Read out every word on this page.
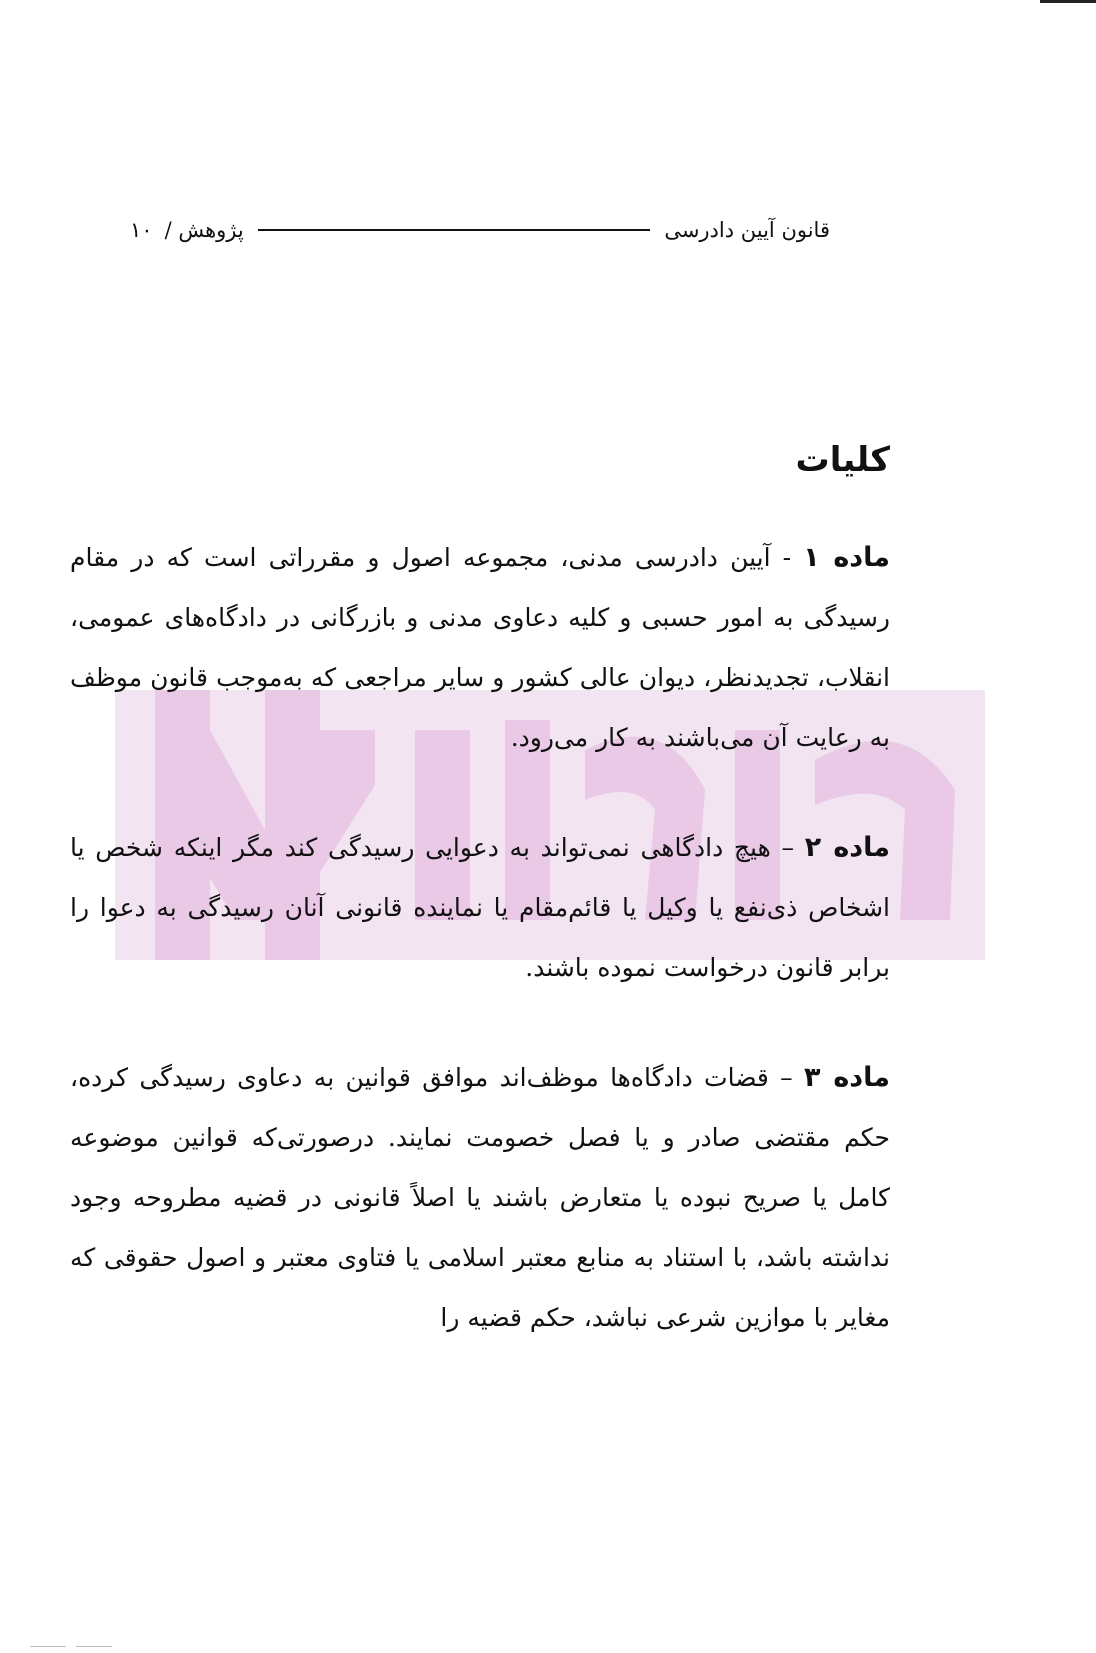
قانون آیین دادرسی
پژوهش /
۱۰
کلیات

ماده ۱ - آیین دادرسی مدنی، مجموعه اصول و مقرراتی است که در مقام رسیدگی به امور حسبی و کلیه دعاوی مدنی و بازرگانی در دادگاه‌های عمومی، انقلاب، تجدیدنظر، دیوان عالی کشور و سایر مراجعی که به‌موجب قانون موظف به رعایت آن می‌باشند به کار می‌رود.

ماده ۲ – هیچ دادگاهی نمی‌تواند به دعوایی رسیدگی کند مگر اینکه شخص یا اشخاص ذی‌نفع یا وکیل یا قائم‌مقام یا نماینده قانونی آنان رسیدگی به دعوا را برابر قانون درخواست نموده باشند.

ماده ۳ – قضات دادگاه‌ها موظف‌اند موافق قوانین به دعاوی رسیدگی کرده، حکم مقتضی صادر و یا فصل خصومت نمایند. درصورتی‌که قوانین موضوعه کامل یا صریح نبوده یا متعارض باشند یا اصلاً قانونی در قضیه مطروحه وجود نداشته باشد، با استناد به منابع معتبر اسلامی یا فتاوی معتبر و اصول حقوقی که مغایر با موازین شرعی نباشد، حکم قضیه را
